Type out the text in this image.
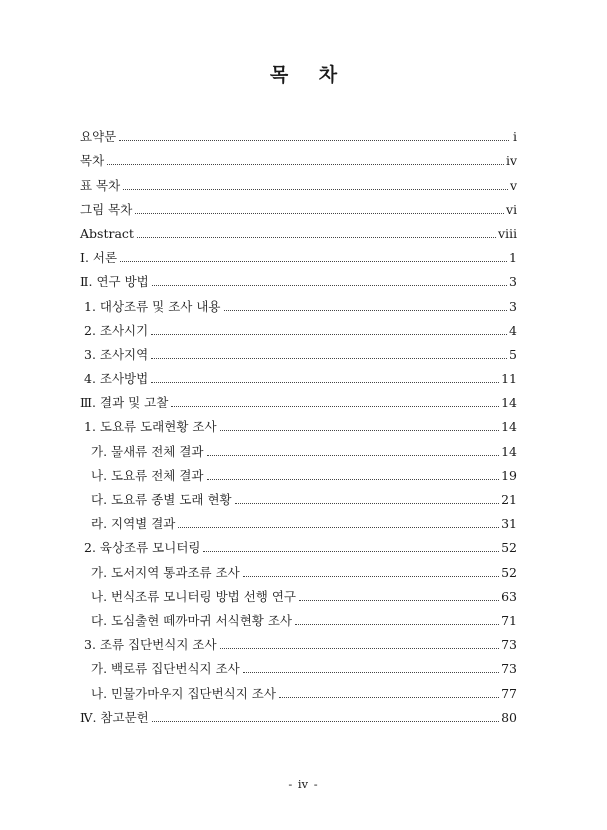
목 차
요약문	ⅰ
목차	ⅳ
표 목차	ⅴ
그림 목차	ⅵ
Abstract	ⅷ
Ⅰ. 서론	1
Ⅱ. 연구 방법	3
1. 대상조류 및 조사 내용	3
2. 조사시기	4
3. 조사지역	5
4. 조사방법	11
Ⅲ. 결과 및 고찰	14
1. 도요류 도래현황 조사	14
가. 물새류 전체 결과	14
나. 도요류 전체 결과	19
다. 도요류 종별 도래 현황	21
라. 지역별 결과	31
2. 육상조류 모니터링	52
가. 도서지역 통과조류 조사	52
나. 번식조류 모니터링 방법 선행 연구	63
다. 도심출현 떼까마귀 서식현황 조사	71
3. 조류 집단번식지 조사	73
가. 백로류 집단번식지 조사	73
나. 민물가마우지 집단번식지 조사	77
Ⅳ. 참고문헌	80
- ⅳ -
